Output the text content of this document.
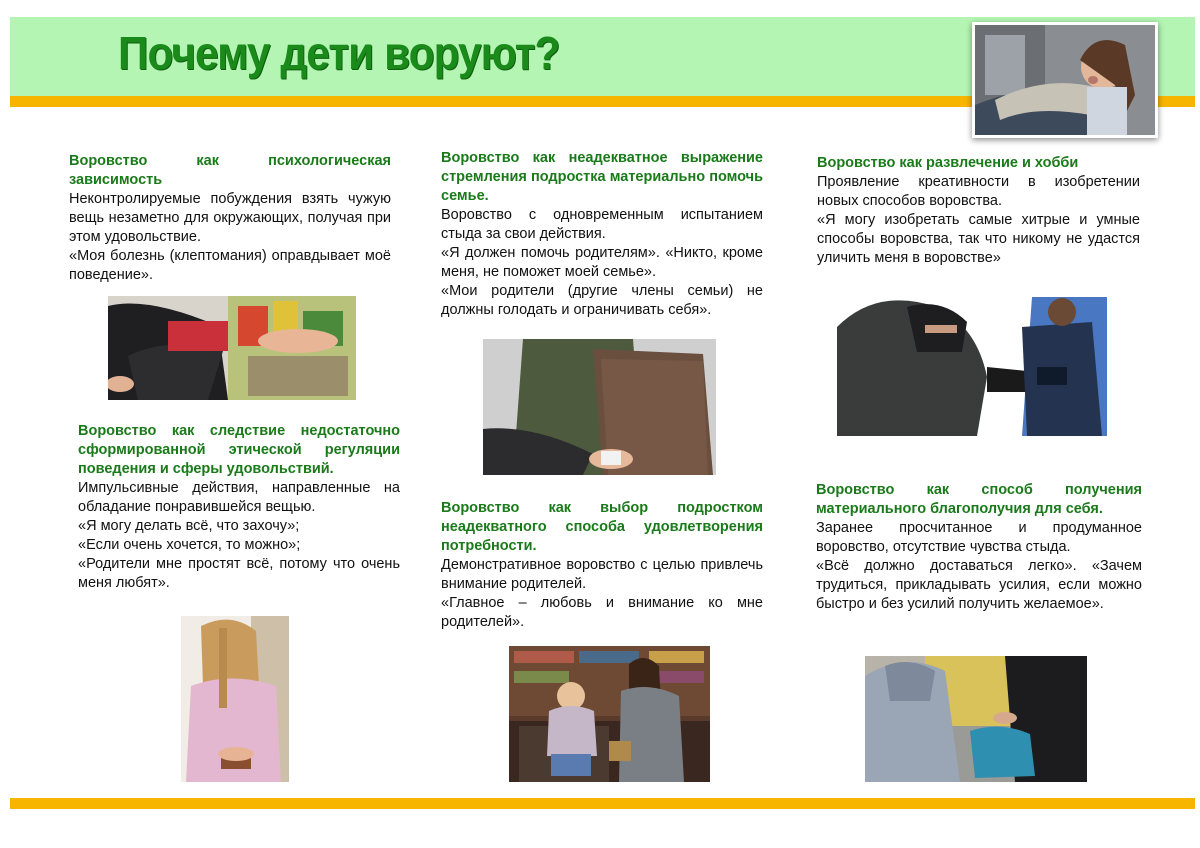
Почему дети воруют?
Воровство как психологическая зависимость

Неконтролируемые побуждения взять чужую вещь незаметно для окружающих, получая при этом удовольствие.

«Моя болезнь (клептомания) оправдывает моё поведение».

Воровство как следствие недостаточно сформированной этической регуляции поведения и сферы удовольствий.

Импульсивные действия, направленные на обладание понравившейся вещью.

«Я могу делать всё, что захочу»;

«Если очень хочется, то можно»;

«Родители мне простят всё, потому что очень меня любят».

Воровство как неадекватное выражение стремления подростка материально помочь семье.

Воровство с одновременным испытанием стыда за свои действия.

«Я должен помочь родителям». «Никто, кроме меня, не поможет моей семье».

«Мои родители (другие члены семьи) не должны голодать и ограничивать себя».

Воровство как выбор подростком неадекватного способа удовлетворения потребности.

Демонстративное воровство с целью привлечь внимание родителей.

«Главное – любовь и внимание ко мне родителей».

Воровство как развлечение и хобби

Проявление креативности в изобретении новых способов воровства.

«Я могу изобретать самые хитрые и умные способы воровства, так что никому не удастся уличить меня в воровстве»

Воровство как способ получения материального благополучия для себя.

Заранее просчитанное и продуманное воровство, отсутствие чувства стыда.

«Всё должно доставаться легко». «Зачем трудиться, прикладывать усилия, если можно быстро и без усилий получить желаемое».
